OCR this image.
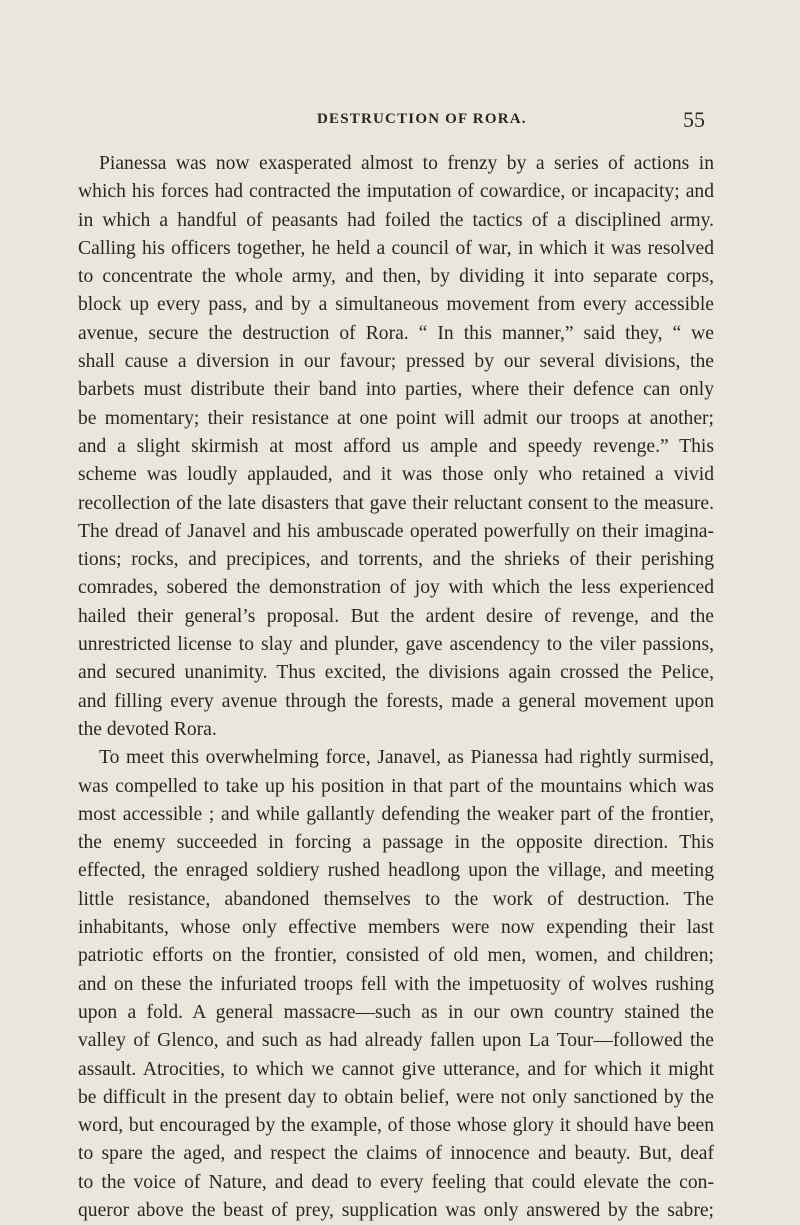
DESTRUCTION OF RORA.	55
Pianessa was now exasperated almost to frenzy by a series of actions in
which his forces had contracted the imputation of cowardice, or incapacity; and
in which a handful of peasants had foiled the tactics of a disciplined army.
Calling his officers together, he held a council of war, in which it was resolved
to concentrate the whole army, and then, by dividing it into separate corps,
block up every pass, and by a simultaneous movement from every accessible
avenue, secure the destruction of Rora. “ In this manner,” said they, “ we
shall cause a diversion in our favour; pressed by our several divisions, the
barbets must distribute their band into parties, where their defence can only
be momentary; their resistance at one point will admit our troops at another;
and a slight skirmish at most afford us ample and speedy revenge.” This
scheme was loudly applauded, and it was those only who retained a vivid
recollection of the late disasters that gave their reluctant consent to the measure.
The dread of Janavel and his ambuscade operated powerfully on their imagina-
tions; rocks, and precipices, and torrents, and the shrieks of their perishing
comrades, sobered the demonstration of joy with which the less experienced
hailed their general’s proposal. But the ardent desire of revenge, and the
unrestricted license to slay and plunder, gave ascendency to the viler passions,
and secured unanimity. Thus excited, the divisions again crossed the Pelice,
and filling every avenue through the forests, made a general movement upon
the devoted Rora.
To meet this overwhelming force, Janavel, as Pianessa had rightly surmised,
was compelled to take up his position in that part of the mountains which was
most accessible ; and while gallantly defending the weaker part of the frontier,
the enemy succeeded in forcing a passage in the opposite direction. This
effected, the enraged soldiery rushed headlong upon the village, and meeting
little resistance, abandoned themselves to the work of destruction. The
inhabitants, whose only effective members were now expending their last
patriotic efforts on the frontier, consisted of old men, women, and children;
and on these the infuriated troops fell with the impetuosity of wolves rushing
upon a fold. A general massacre—such as in our own country stained the
valley of Glenco, and such as had already fallen upon La Tour—followed the
assault. Atrocities, to which we cannot give utterance, and for which it might
be difficult in the present day to obtain belief, were not only sanctioned by the
word, but encouraged by the example, of those whose glory it should have been
to spare the aged, and respect the claims of innocence and beauty. But, deaf
to the voice of Nature, and dead to every feeling that could elevate the con-
queror above the beast of prey, supplication was only answered by the sabre;
